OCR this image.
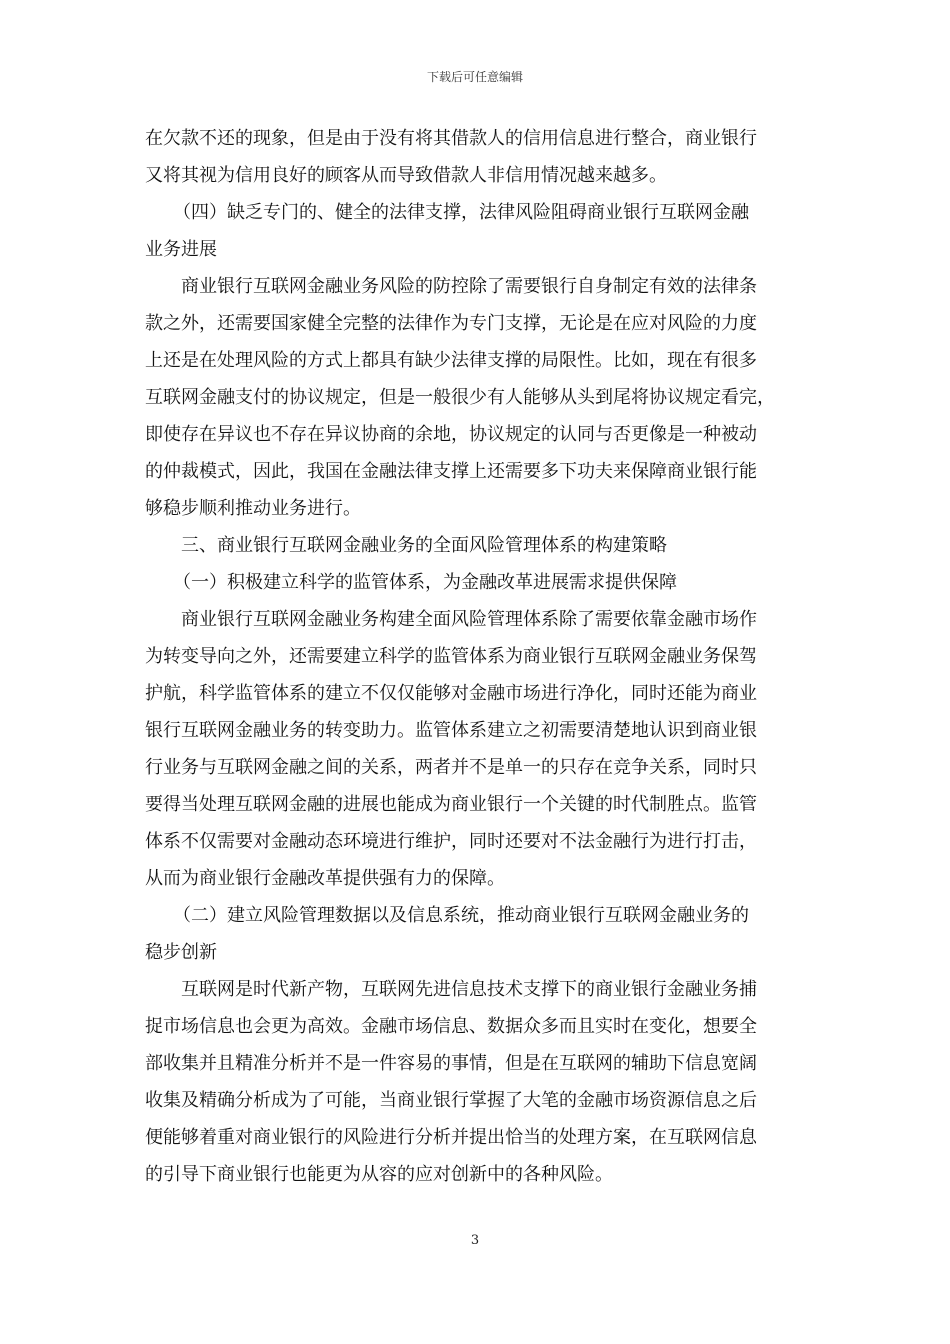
下载后可任意编辑
在欠款不还的现象，但是由于没有将其借款人的信用信息进行整合，商业银行
又将其视为信用良好的顾客从而导致借款人非信用情况越来越多。
（四）缺乏专门的、健全的法律支撑，法律风险阻碍商业银行互联网金融
业务进展
商业银行互联网金融业务风险的防控除了需要银行自身制定有效的法律条
款之外，还需要国家健全完整的法律作为专门支撑，无论是在应对风险的力度
上还是在处理风险的方式上都具有缺少法律支撑的局限性。比如，现在有很多
互联网金融支付的协议规定，但是一般很少有人能够从头到尾将协议规定看完，
即使存在异议也不存在异议协商的余地，协议规定的认同与否更像是一种被动
的仲裁模式，因此，我国在金融法律支撑上还需要多下功夫来保障商业银行能
够稳步顺利推动业务进行。
三、商业银行互联网金融业务的全面风险管理体系的构建策略
（一）积极建立科学的监管体系，为金融改革进展需求提供保障
商业银行互联网金融业务构建全面风险管理体系除了需要依靠金融市场作
为转变导向之外，还需要建立科学的监管体系为商业银行互联网金融业务保驾
护航，科学监管体系的建立不仅仅能够对金融市场进行净化，同时还能为商业
银行互联网金融业务的转变助力。监管体系建立之初需要清楚地认识到商业银
行业务与互联网金融之间的关系，两者并不是单一的只存在竞争关系，同时只
要得当处理互联网金融的进展也能成为商业银行一个关键的时代制胜点。监管
体系不仅需要对金融动态环境进行维护，同时还要对不法金融行为进行打击，
从而为商业银行金融改革提供强有力的保障。
（二）建立风险管理数据以及信息系统，推动商业银行互联网金融业务的
稳步创新
互联网是时代新产物，互联网先进信息技术支撑下的商业银行金融业务捕
捉市场信息也会更为高效。金融市场信息、数据众多而且实时在变化，想要全
部收集并且精准分析并不是一件容易的事情，但是在互联网的辅助下信息宽阔
收集及精确分析成为了可能，当商业银行掌握了大笔的金融市场资源信息之后
便能够着重对商业银行的风险进行分析并提出恰当的处理方案，在互联网信息
的引导下商业银行也能更为从容的应对创新中的各种风险。
3
